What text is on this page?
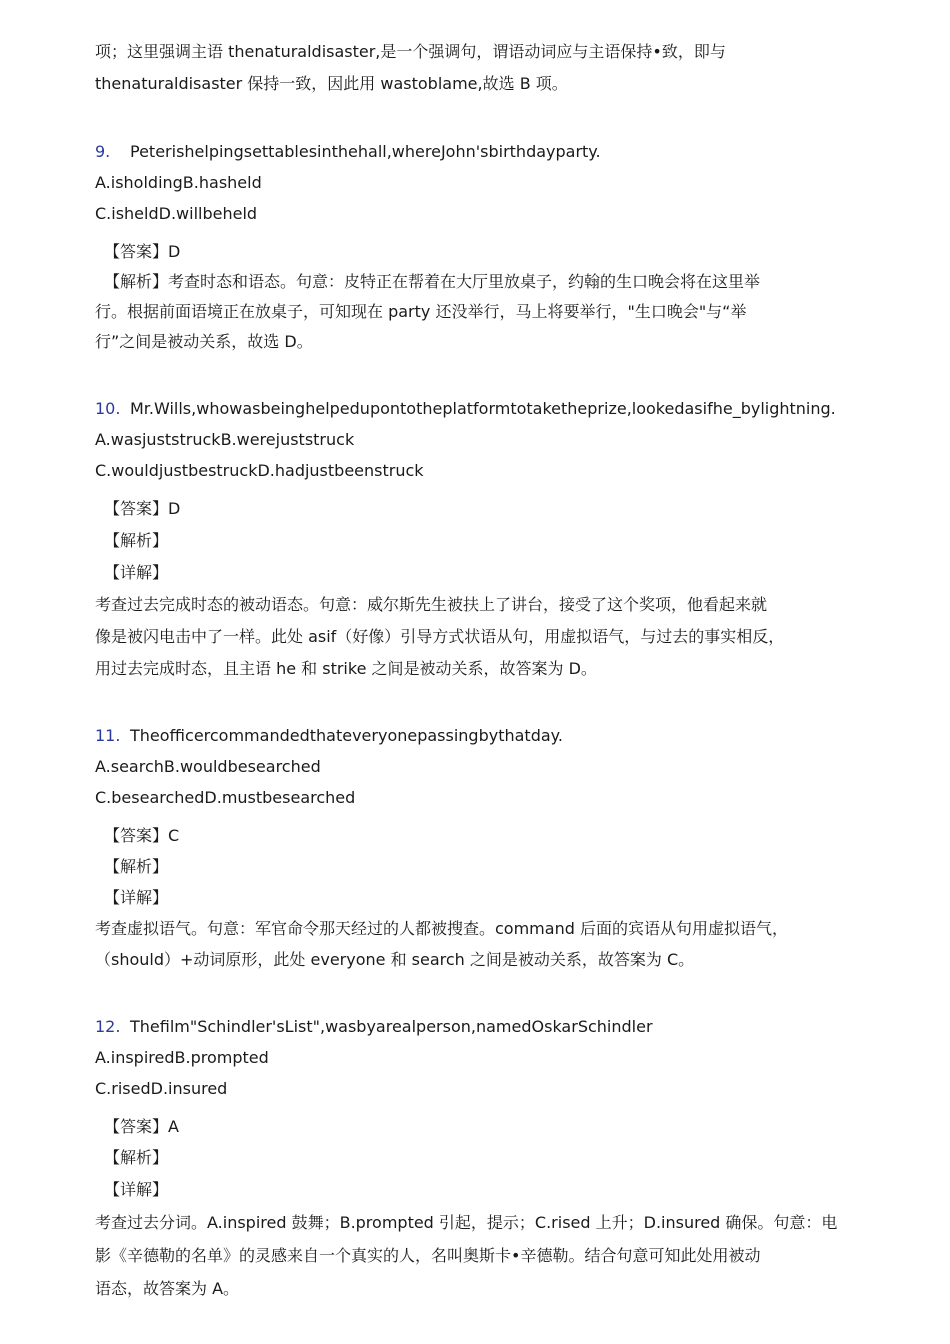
项；这里强调主语 thenaturaldisaster,是一个强调句，谓语动词应与主语保持•致，即与
thenaturaldisaster 保持一致，因此用 wastoblame,故选 B 项。
9. Peterishelpingsettablesinthehall,whereJohn'sbirthdayparty.
A.isholdingB.hasheld
C.isheldD.willbeheld
【答案】D
【解析】考查时态和语态。句意：皮特正在帮着在大厅里放桌子，约翰的生口晚会将在这里举
行。根据前面语境正在放桌子，可知现在 party 还没举行，马上将要举行，"生口晚会"与“举
行”之间是被动关系，故选 D。
10. Mr.Wills,whowasbeinghelpedupontotheplatformtotaketheprize,lookedasifhe_bylightning.
A.wasjuststruckB.werejuststruck
C.wouldjustbestruckD.hadjustbeenstruck
【答案】D
【解析】
【详解】
考查过去完成时态的被动语态。句意：威尔斯先生被扶上了讲台，接受了这个奖项，他看起来就
像是被闪电击中了一样。此处 asif（好像）引导方式状语从句，用虚拟语气，与过去的事实相反，
用过去完成时态，且主语 he 和 strike 之间是被动关系，故答案为 D。
11. Theofficercommandedthateveryonepassingbythatday.
A.searchB.wouldbesearched
C.besearchedD.mustbesearched
【答案】C
【解析】
【详解】
考查虚拟语气。句意：军官命令那天经过的人都被搜查。command 后面的宾语从句用虚拟语气，
（should）+动词原形，此处 everyone 和 search 之间是被动关系，故答案为 C。
12. Thefilm"Schindler'sList",wasbyarealperson,namedOskarSchindler
A.inspiredB.prompted
C.risedD.insured
【答案】A
【解析】
【详解】
考查过去分词。A.inspired 鼓舞；B.prompted 引起，提示；C.rised 上升；D.insured 确保。句意：电
影《辛德勒的名单》的灵感来自一个真实的人，名叫奥斯卡•辛德勒。结合句意可知此处用被动
语态，故答案为 A。
